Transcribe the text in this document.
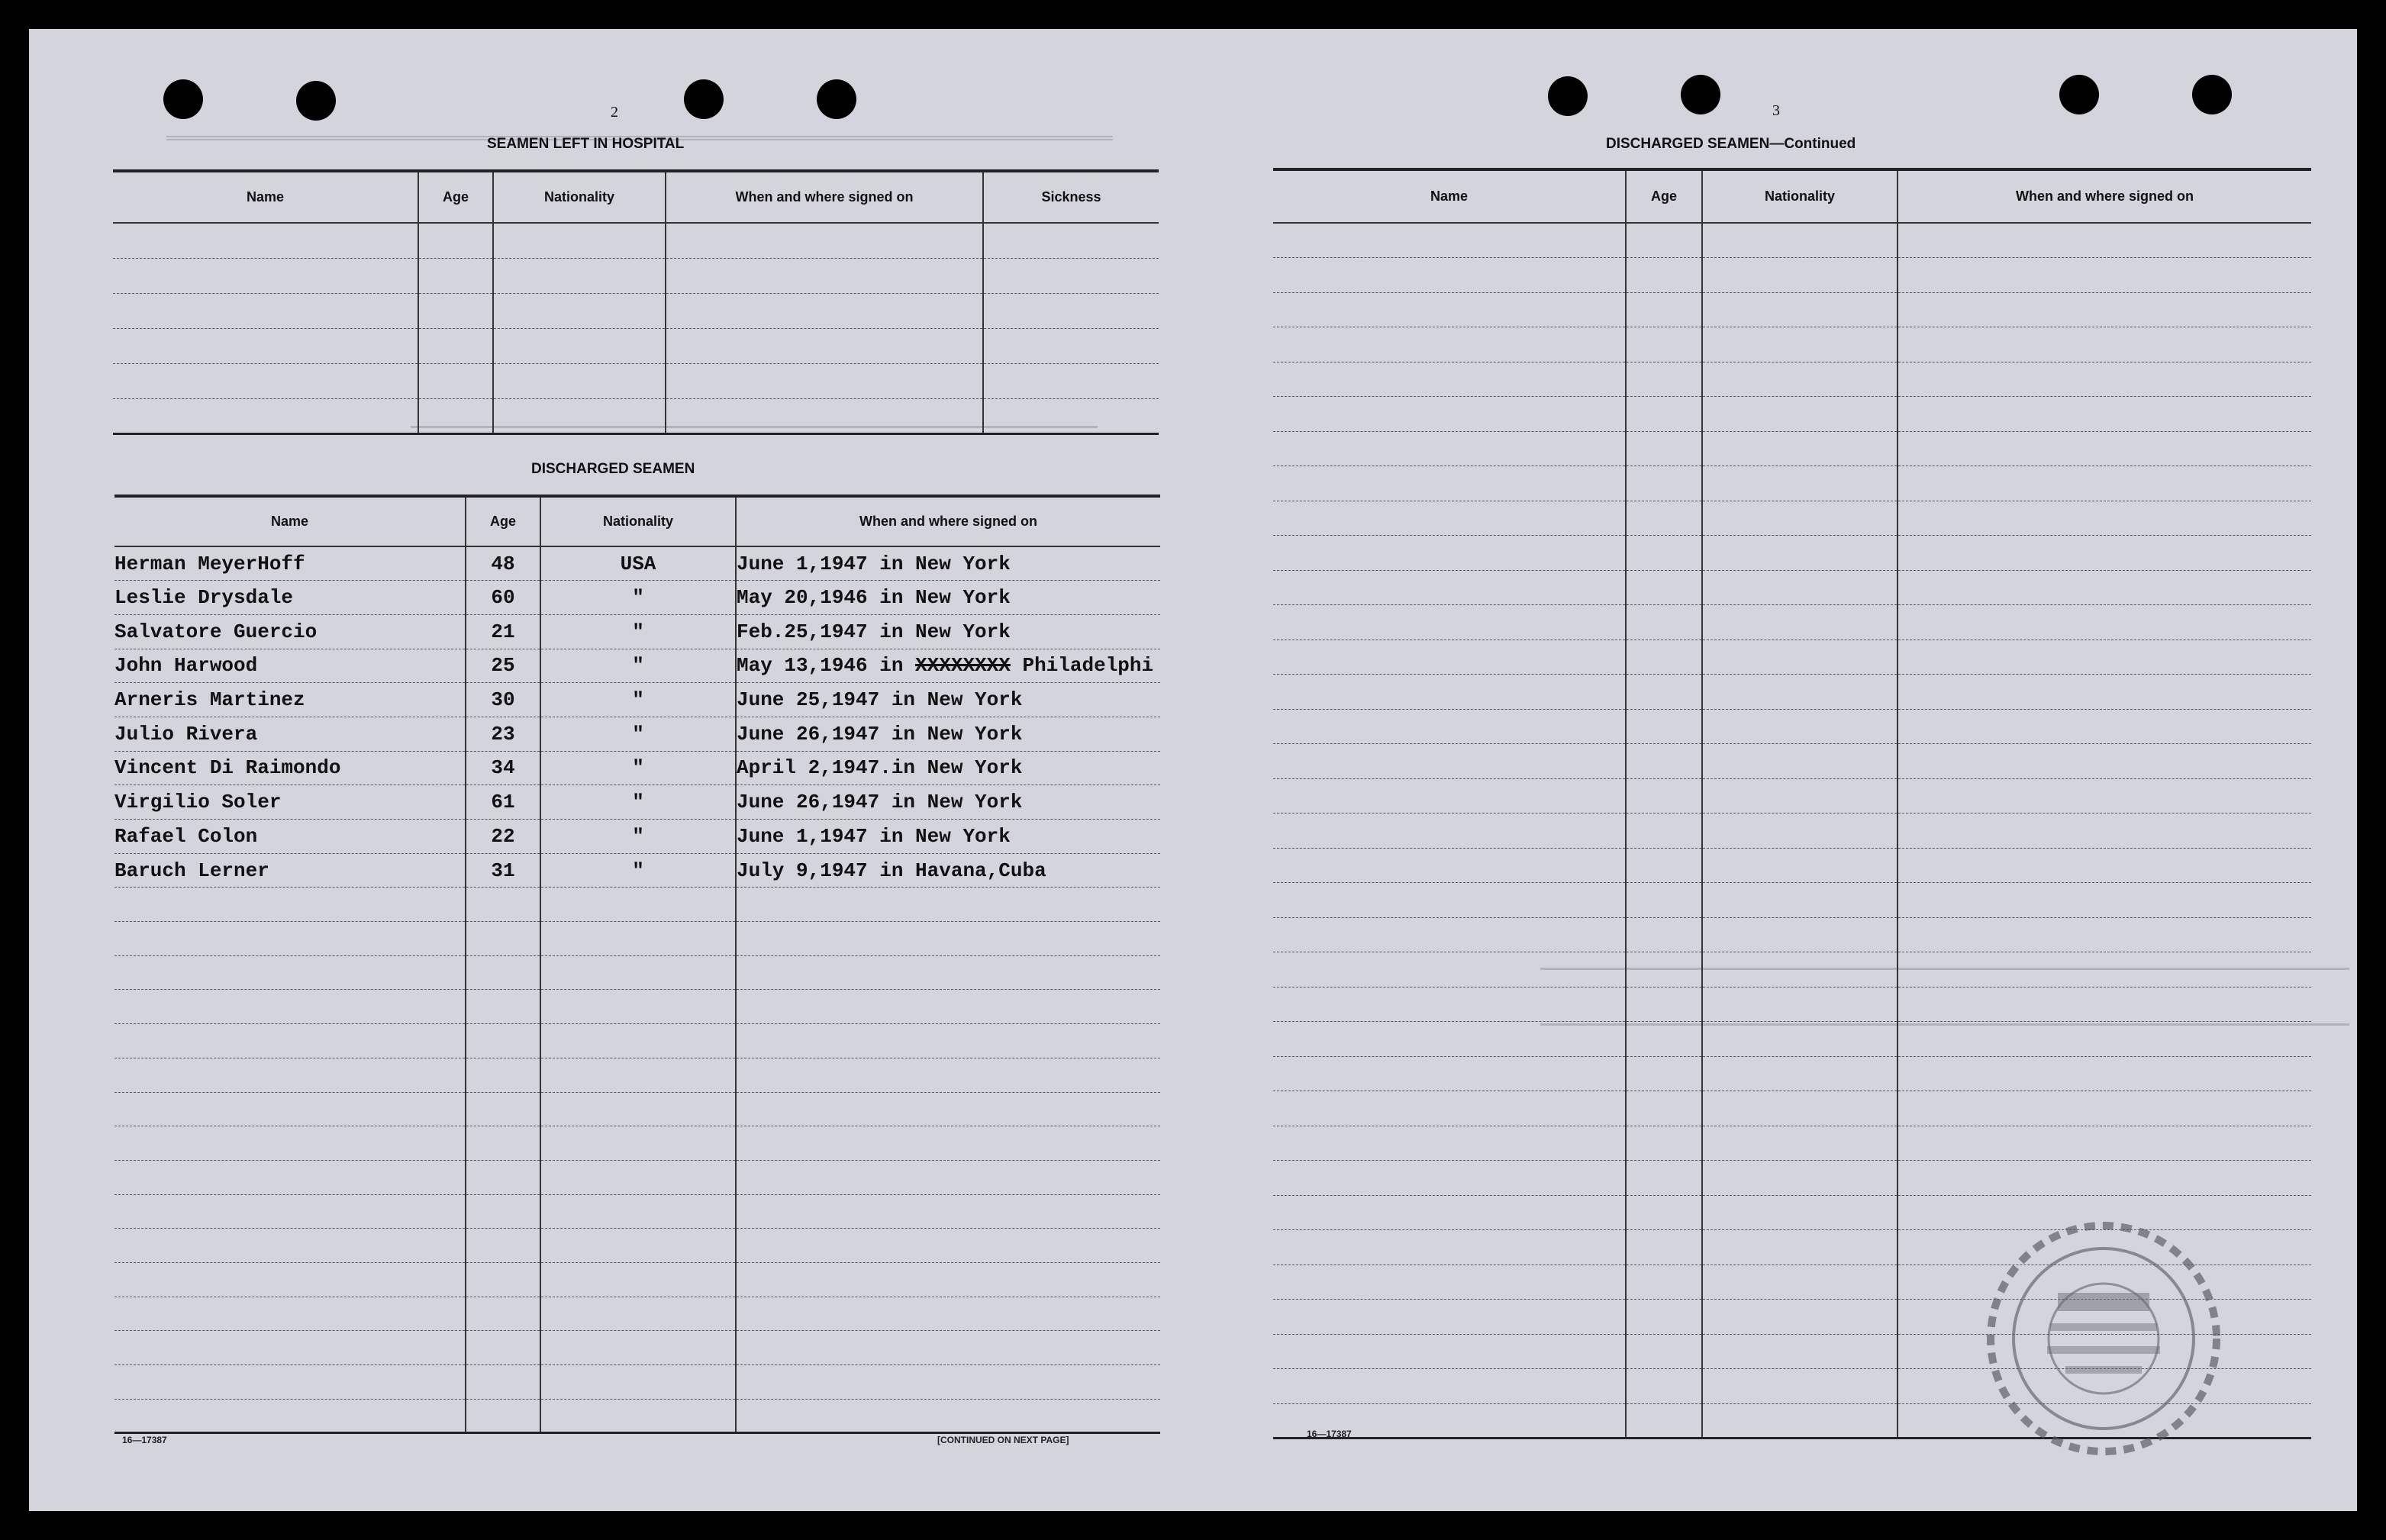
2
SEAMEN LEFT IN HOSPITAL
Name	Age	Nationality	When and where signed on	Sickness

DISCHARGED SEAMEN
Name	Age	Nationality	When and where signed on
Herman MeyerHoff	48	USA	June 1,1947 in New York
Leslie Drysdale	60	"	May 20,1946 in New York
Salvatore Guercio	21	"	Feb.25,1947 in New York
John Harwood	25	"	May 13,1946 in XXXXXXXX Philadelphi
Arneris Martinez	30	"	June 25,1947 in New York
Julio Rivera	23	"	June 26,1947 in New York
Vincent Di Raimondo	34	"	April 2,1947.in New York
Virgilio Soler	61	"	June 26,1947 in New York
Rafael Colon	22	"	June 1,1947 in New York
Baruch Lerner	31	"	July 9,1947 in Havana,Cuba

16—17387	[CONTINUED ON NEXT PAGE]
3
DISCHARGED SEAMEN—Continued
Name	Age	Nationality	When and where signed on

16—17387
